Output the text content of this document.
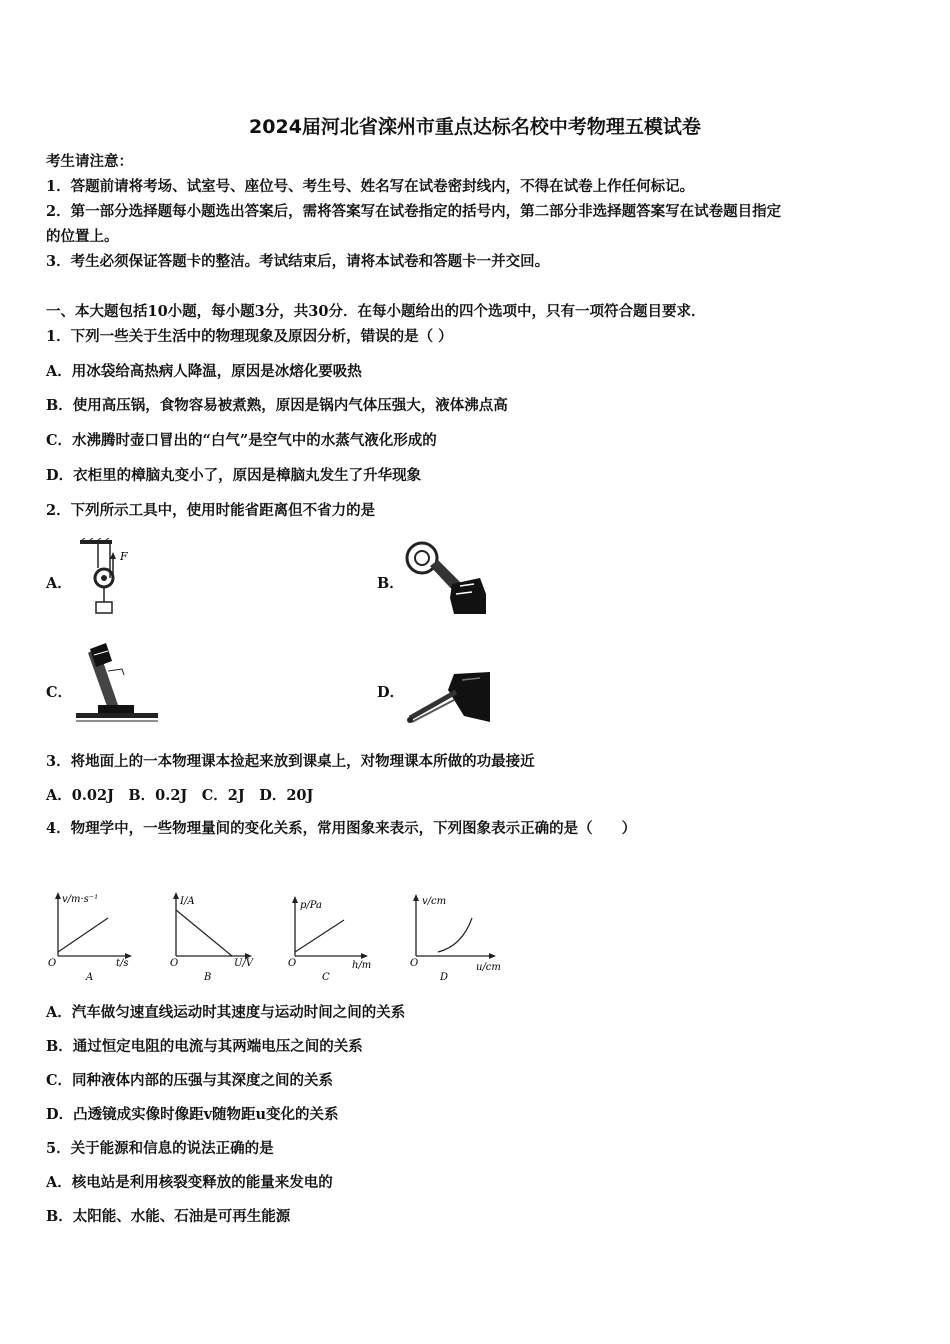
2024届河北省滦州市重点达标名校中考物理五模试卷
考生请注意：
1．答题前请将考场、试室号、座位号、考生号、姓名写在试卷密封线内，不得在试卷上作任何标记。
2．第一部分选择题每小题选出答案后，需将答案写在试卷指定的括号内，第二部分非选择题答案写在试卷题目指定
的位置上。
3．考生必须保证答题卡的整洁。考试结束后，请将本试卷和答题卡一并交回。
一、本大题包括10小题，每小题3分，共30分．在每小题给出的四个选项中，只有一项符合题目要求．
1．下列一些关于生活中的物理现象及原因分析，错误的是（ ）
A．用冰袋给高热病人降温，原因是冰熔化要吸热
B．使用高压锅，食物容易被煮熟，原因是锅内气体压强大，液体沸点高
C．水沸腾时壶口冒出的“白气”是空气中的水蒸气液化形成的
D．衣柜里的樟脑丸变小了，原因是樟脑丸发生了升华现象
2．下列所示工具中，使用时能省距离但不省力的是
A．	B．
C．	D．
F
3．将地面上的一本物理课本捡起来放到课桌上，对物理课本所做的功最接近
A．0.02J　B．0.2J　C．2J　D．20J
4．物理学中，一些物理量间的变化关系，常用图象来表示，下列图象表示正确的是（　　）
v/m·s⁻¹
t/s
O
A
I/A
U/V
O
B
p/Pa
h/m
O
C
v/cm
u/cm
O
D
A．汽车做匀速直线运动时其速度与运动时间之间的关系
B．通过恒定电阻的电流与其两端电压之间的关系
C．同种液体内部的压强与其深度之间的关系
D．凸透镜成实像时像距v随物距u变化的关系
5．关于能源和信息的说法正确的是
A．核电站是利用核裂变释放的能量来发电的
B．太阳能、水能、石油是可再生能源
